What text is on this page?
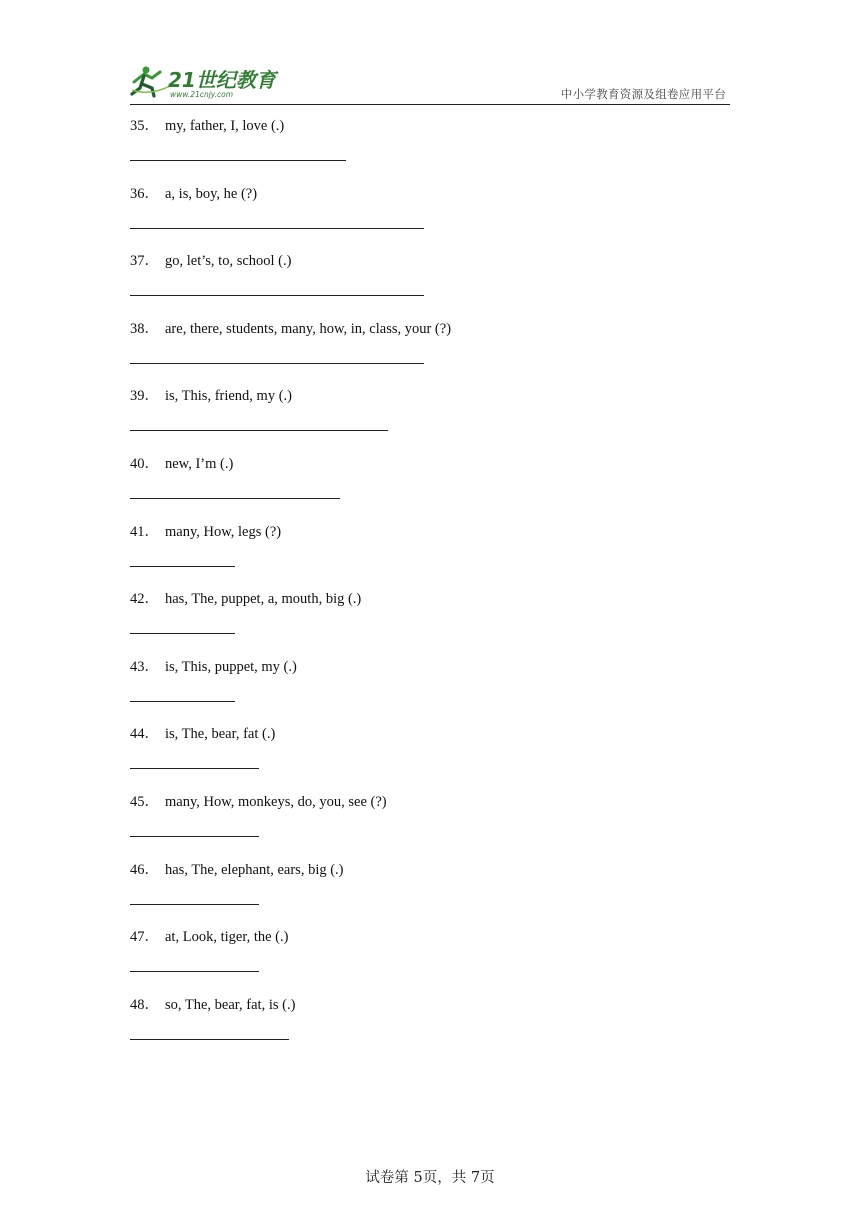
21世纪教育
www.21cnjy.com	中小学教育资源及组卷应用平台
35． my, father, I, love (.)
36． a, is, boy, he (?)
37． go, let’s, to, school (.)
38． are, there, students, many, how, in, class, your (?)
39． is, This, friend, my (.)
40． new, I’m (.)
41． many, How, legs (?)
42． has, The, puppet, a, mouth, big (.)
43． is, This, puppet, my (.)
44． is, The, bear, fat (.)
45． many, How, monkeys, do, you, see (?)
46． has, The, elephant, ears, big (.)
47． at, Look, tiger, the (.)
48． so, The, bear, fat, is (.)
试卷第 5页，共 7页
